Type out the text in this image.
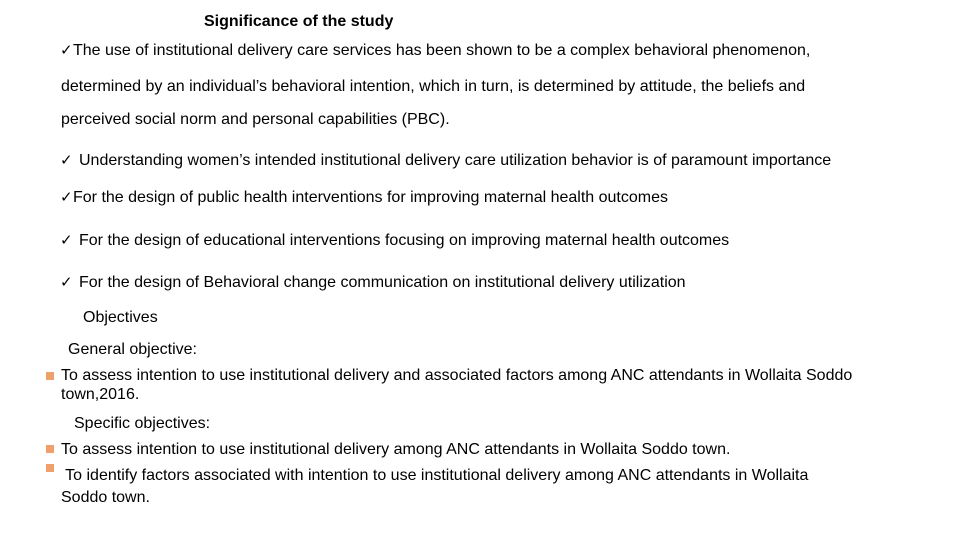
Significance of the study
✓ The use of institutional delivery care services has been shown to be a complex behavioral phenomenon,
determined by an individual’s behavioral intention, which in turn, is determined by attitude, the beliefs and
perceived social norm and personal capabilities (PBC).
✓ Understanding women’s intended institutional delivery care utilization behavior is of paramount importance
✓ For the design of public health interventions for improving maternal health outcomes
✓ For the design of educational interventions focusing on improving maternal health outcomes
✓ For the design of Behavioral change communication on institutional delivery utilization
Objectives
General objective:
To assess intention to use institutional delivery and associated factors among ANC attendants in Wollaita Soddo
town,2016.
Specific objectives:
To assess intention to use institutional delivery among ANC attendants in Wollaita Soddo town.
To identify factors associated with intention to use institutional delivery among ANC attendants in Wollaita
Soddo town.
